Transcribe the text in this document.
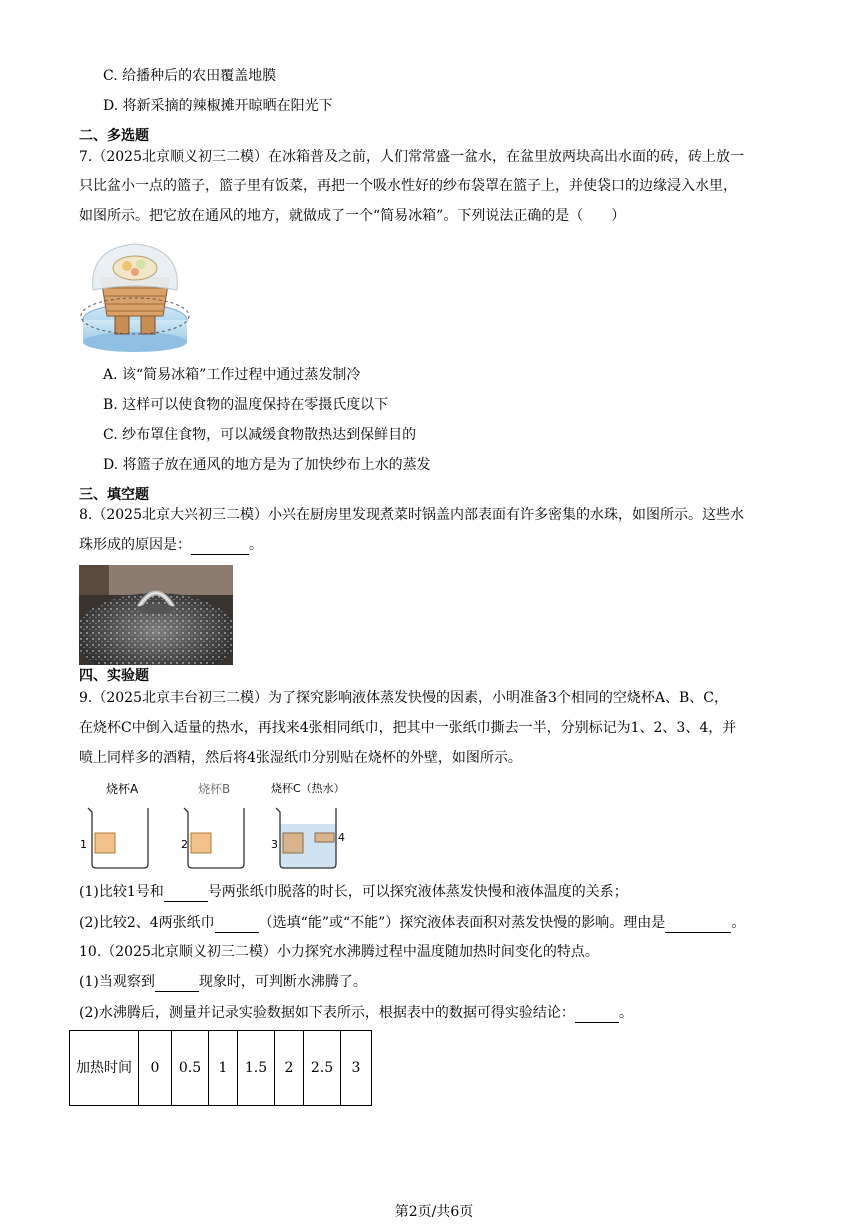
C. 给播种后的农田覆盖地膜
D. 将新采摘的辣椒摊开晾晒在阳光下
二、多选题
7.（2025北京顺义初三二模）在冰箱普及之前，人们常常盛一盆水，在盆里放两块高出水面的砖，砖上放一
只比盆小一点的篮子，篮子里有饭菜，再把一个吸水性好的纱布袋罩在篮子上，并使袋口的边缘浸入水里，
如图所示。把它放在通风的地方，就做成了一个“简易冰箱”。下列说法正确的是（　　）
A. 该“简易冰箱”工作过程中通过蒸发制冷
B. 这样可以使食物的温度保持在零摄氏度以下
C. 纱布罩住食物，可以减缓食物散热达到保鲜目的
D. 将篮子放在通风的地方是为了加快纱布上水的蒸发
三、填空题
8.（2025北京大兴初三二模）小兴在厨房里发现煮菜时锅盖内部表面有许多密集的水珠，如图所示。这些水
珠形成的原因是：	。
四、实验题
9.（2025北京丰台初三二模）为了探究影响液体蒸发快慢的因素，小明准备3个相同的空烧杯A、B、C，
在烧杯C中倒入适量的热水，再找来4张相同纸巾，把其中一张纸巾撕去一半，分别标记为1、2、3、4，并
喷上同样多的酒精，然后将4张湿纸巾分别贴在烧杯的外壁，如图所示。
烧杯A	烧杯B	烧杯C（热水）
1	2	3
4
(1)比较1号和	号两张纸巾脱落的时长，可以探究液体蒸发快慢和液体温度的关系；
(2)比较2、4两张纸巾	（选填“能”或“不能”）探究液体表面积对蒸发快慢的影响。理由是	。
10.（2025北京顺义初三二模）小力探究水沸腾过程中温度随加热时间变化的特点。
(1)当观察到	现象时，可判断水沸腾了。
(2)水沸腾后，测量并记录实验数据如下表所示，根据表中的数据可得实验结论：	。
加热时间	0	0.5	1	1.5	2	2.5	3
第2页/共6页
